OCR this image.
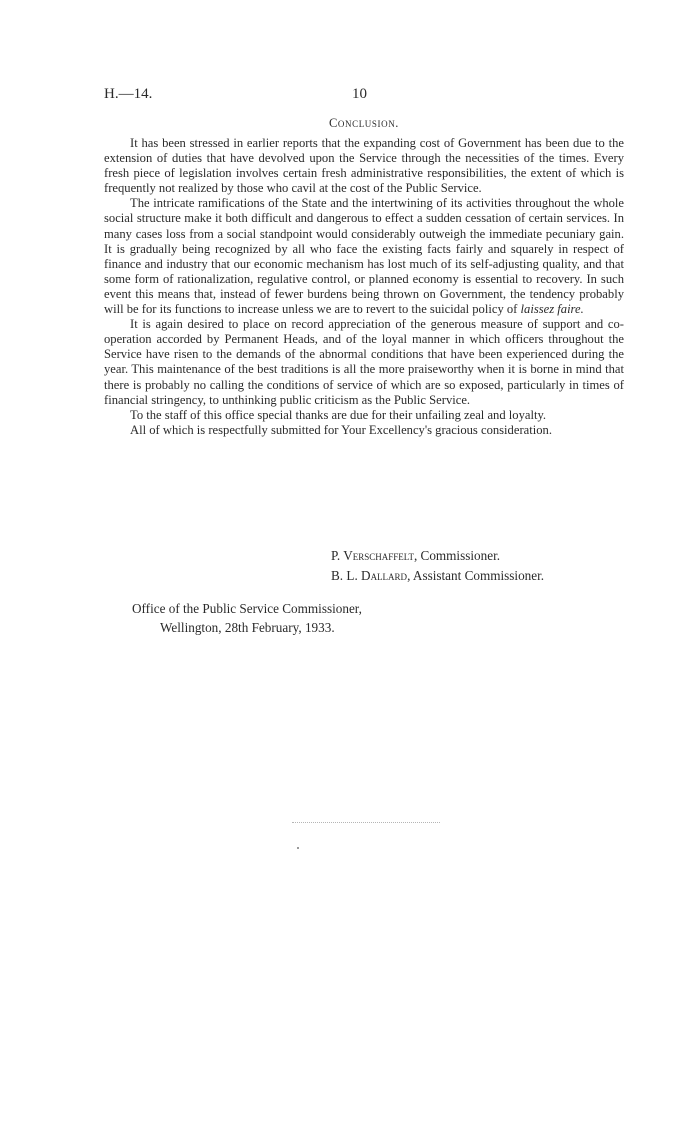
H.—14.	10
Conclusion.

It has been stressed in earlier reports that the expanding cost of Government has been due to the extension of duties that have devolved upon the Service through the necessities of the times. Every fresh piece of legislation involves certain fresh administrative responsibilities, the extent of which is frequently not realized by those who cavil at the cost of the Public Service.

The intricate ramifications of the State and the intertwining of its activities throughout the whole social structure make it both difficult and dangerous to effect a sudden cessation of certain services. In many cases loss from a social standpoint would considerably outweigh the immediate pecuniary gain. It is gradually being recognized by all who face the existing facts fairly and squarely in respect of finance and industry that our economic mechanism has lost much of its self-adjusting quality, and that some form of rationalization, regulative control, or planned economy is essential to recovery. In such event this means that, instead of fewer burdens being thrown on Government, the tendency probably will be for its functions to increase unless we are to revert to the suicidal policy of laissez faire.

It is again desired to place on record appreciation of the generous measure of support and co-operation accorded by Permanent Heads, and of the loyal manner in which officers throughout the Service have risen to the demands of the abnormal conditions that have been experienced during the year. This maintenance of the best traditions is all the more praiseworthy when it is borne in mind that there is probably no calling the conditions of service of which are so exposed, particularly in times of financial stringency, to unthinking public criticism as the Public Service.

To the staff of this office special thanks are due for their unfailing zeal and loyalty.

All of which is respectfully submitted for Your Excellency's gracious consideration.

P. Verschaffelt, Commissioner.
B. L. Dallard, Assistant Commissioner.
Office of the Public Service Commissioner,
Wellington, 28th February, 1933.
